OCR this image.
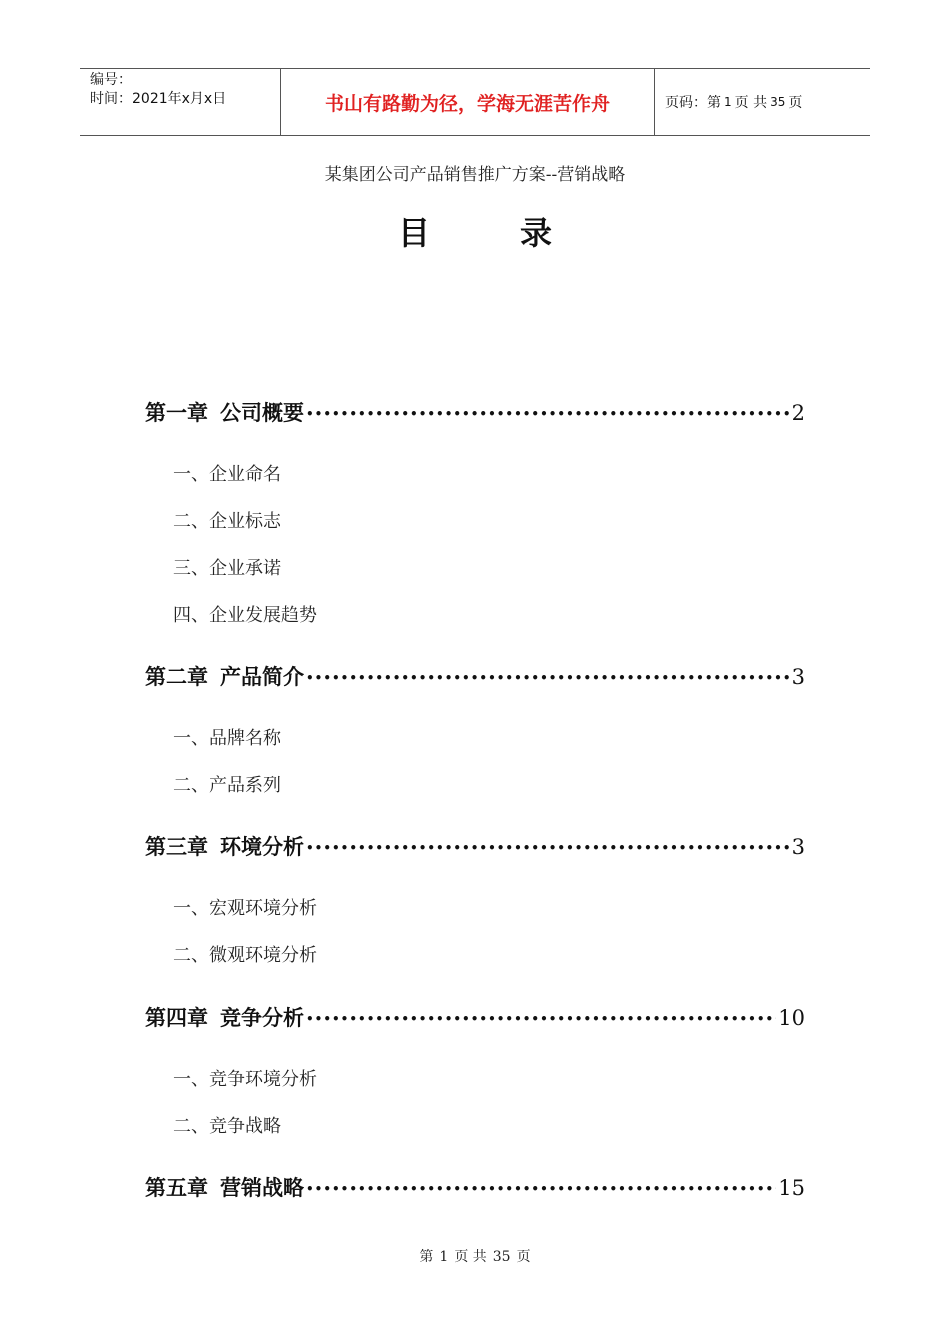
编号：
时间：2021年x月x日	书山有路勤为径，学海无涯苦作舟	页码：第 1 页 共 35 页
某集团公司产品销售推广方案--营销战略
目	录
第一章 公司概要 •••••	2
一、企业命名
二、企业标志
三、企业承诺
四、企业发展趋势
第二章 产品简介 •••••	3
一、品牌名称
二、产品系列
第三章 环境分析 •••••	3
一、宏观环境分析
二、微观环境分析
第四章 竞争分析 •••••	10
一、竞争环境分析
二、竞争战略
第五章 营销战略 •••••	15
第 1 页 共 35 页
